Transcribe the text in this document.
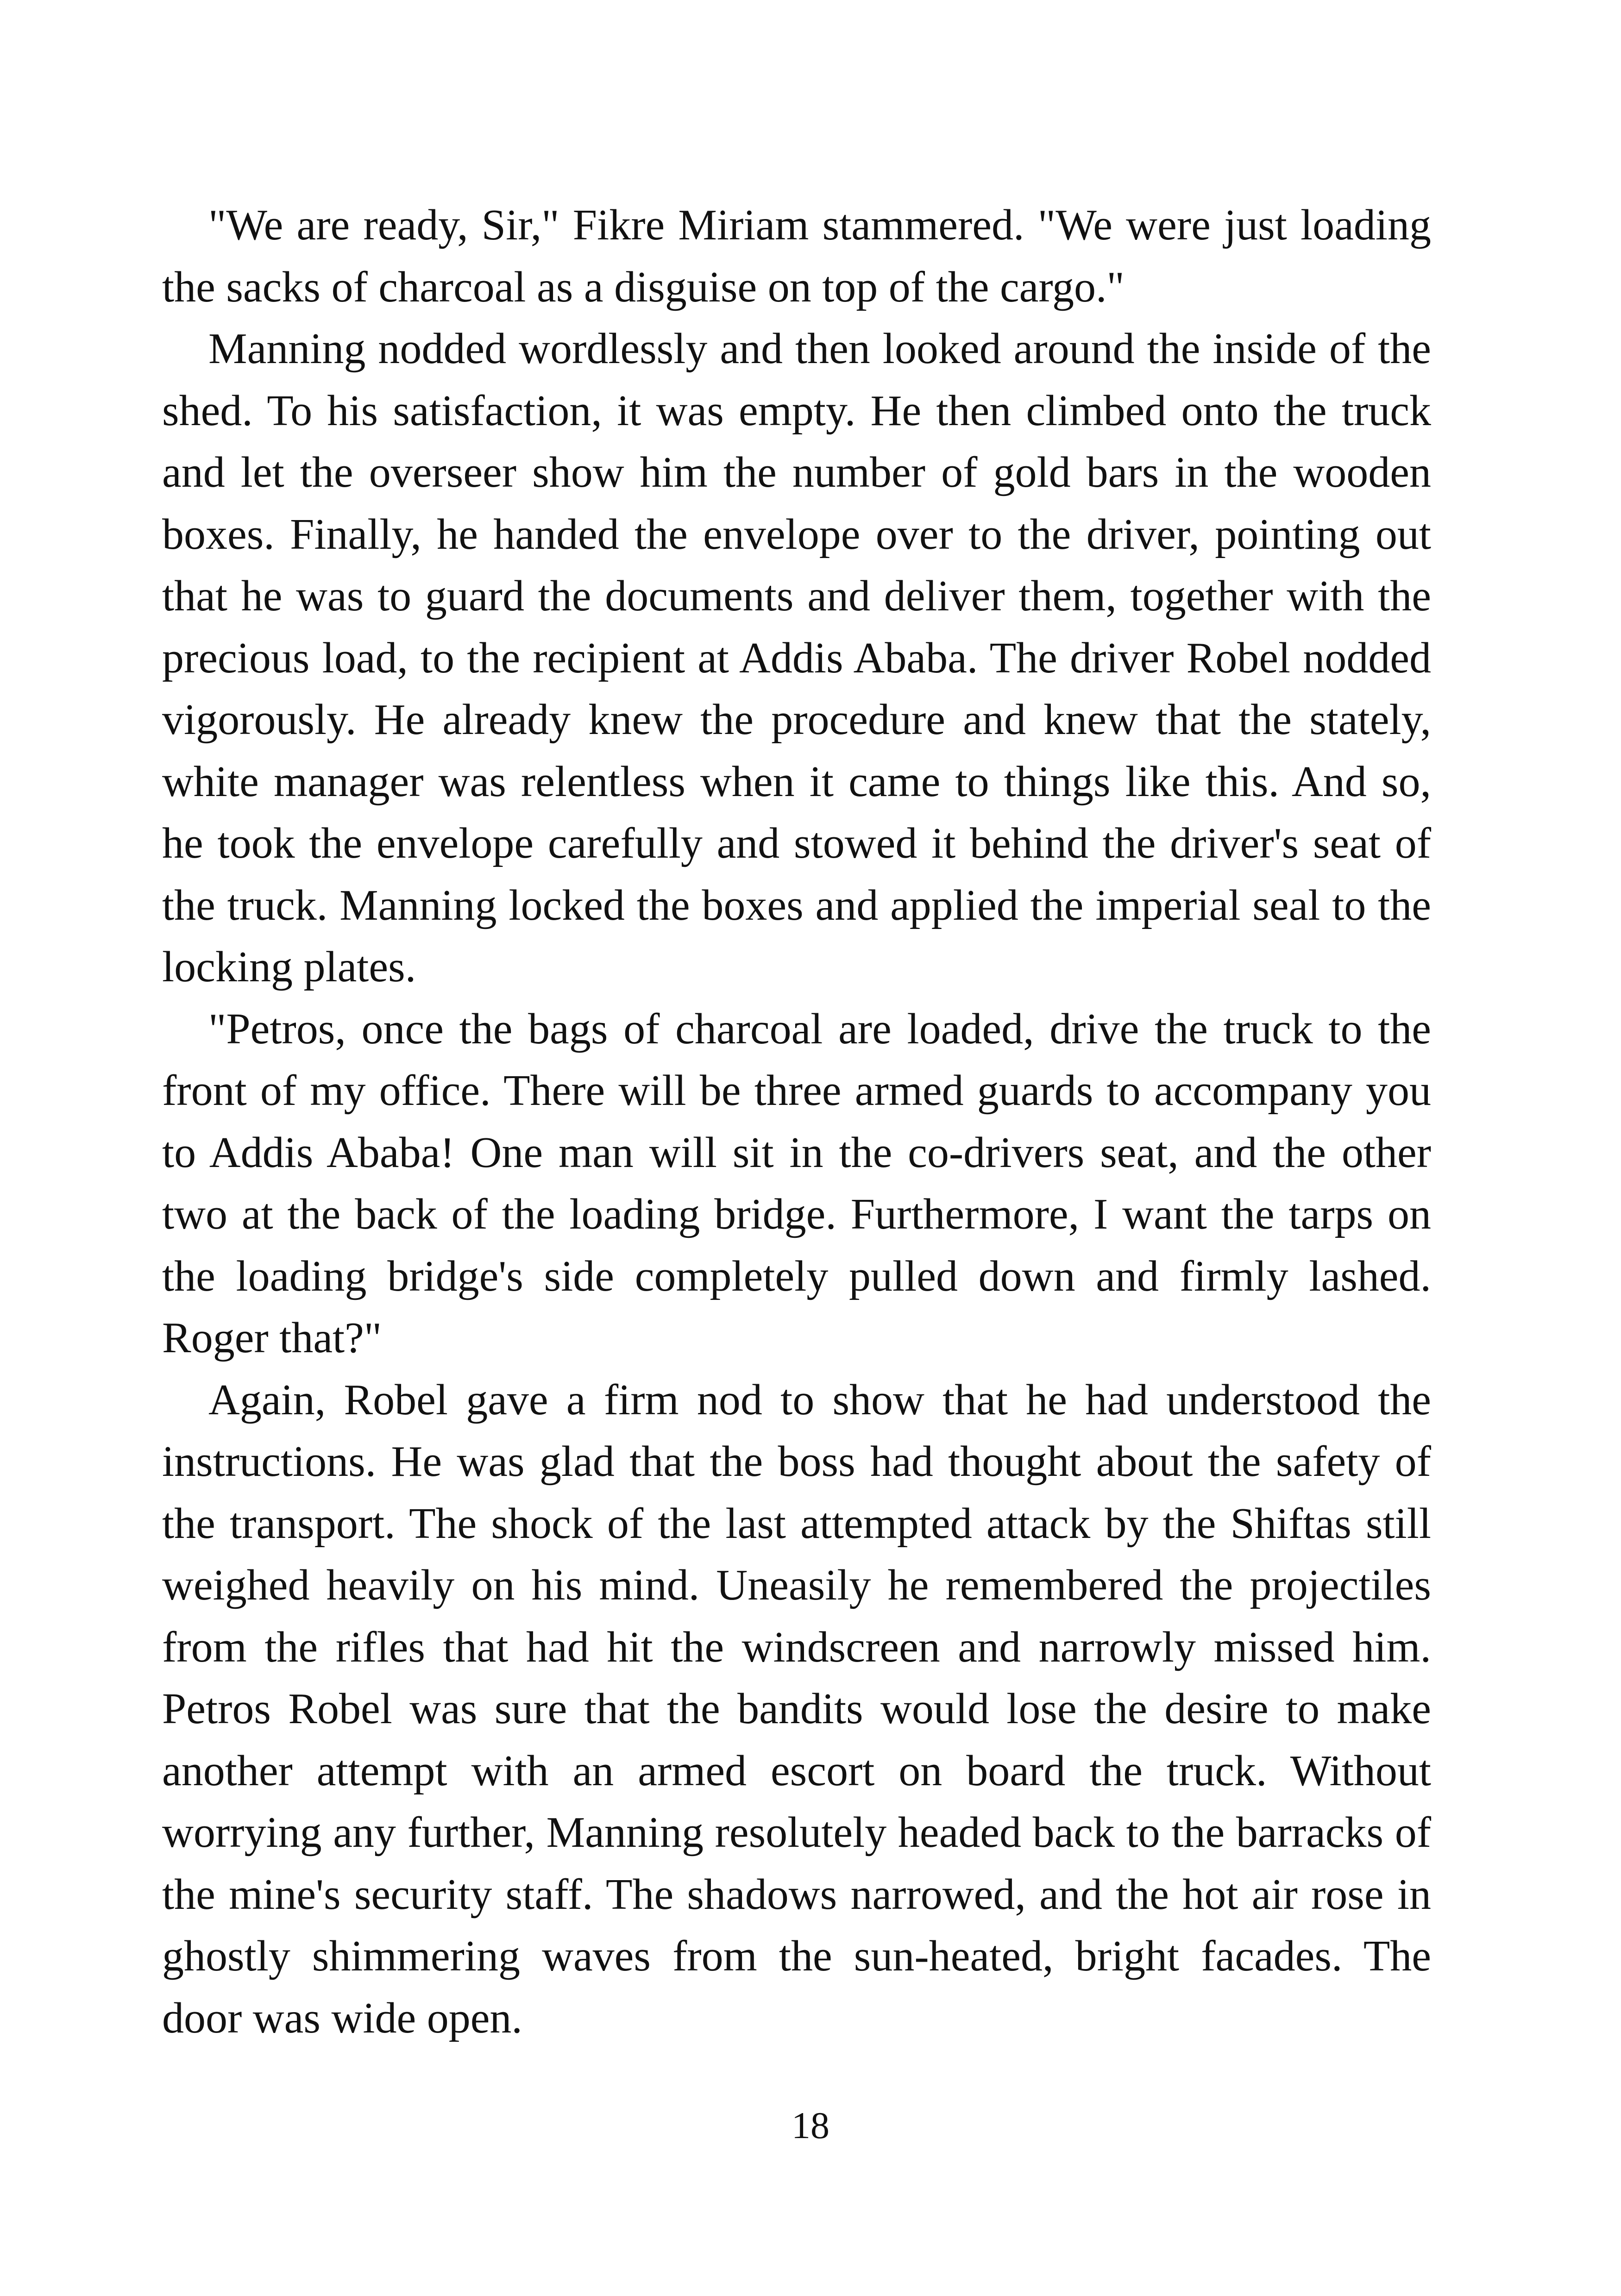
"We are ready, Sir," Fikre Miriam stammered. "We were just loading the sacks of charcoal as a disguise on top of the cargo."

Manning nodded wordlessly and then looked around the inside of the shed. To his satisfaction, it was empty. He then climbed onto the truck and let the overseer show him the number of gold bars in the wooden boxes. Finally, he handed the envelope over to the driver, pointing out that he was to guard the documents and deliver them, together with the precious load, to the recipient at Addis Ababa. The driver Robel nodded vigorously. He already knew the procedure and knew that the stately, white manager was relentless when it came to things like this. And so, he took the envelope carefully and stowed it behind the driver's seat of the truck. Manning locked the boxes and applied the imperial seal to the locking plates.

"Petros, once the bags of charcoal are loaded, drive the truck to the front of my office. There will be three armed guards to accompany you to Addis Ababa! One man will sit in the co-drivers seat, and the other two at the back of the loading bridge. Furthermore, I want the tarps on the loading bridge's side completely pulled down and firmly lashed. Roger that?"

Again, Robel gave a firm nod to show that he had understood the instructions. He was glad that the boss had thought about the safety of the transport. The shock of the last attempted attack by the Shiftas still weighed heavily on his mind. Uneasily he remembered the projectiles from the rifles that had hit the windscreen and narrowly missed him. Petros Robel was sure that the bandits would lose the desire to make another attempt with an armed escort on board the truck. Without worrying any further, Manning resolutely headed back to the barracks of the mine's security staff. The shadows narrowed, and the hot air rose in ghostly shimmering waves from the sun-heated, bright facades. The door was wide open.

18
